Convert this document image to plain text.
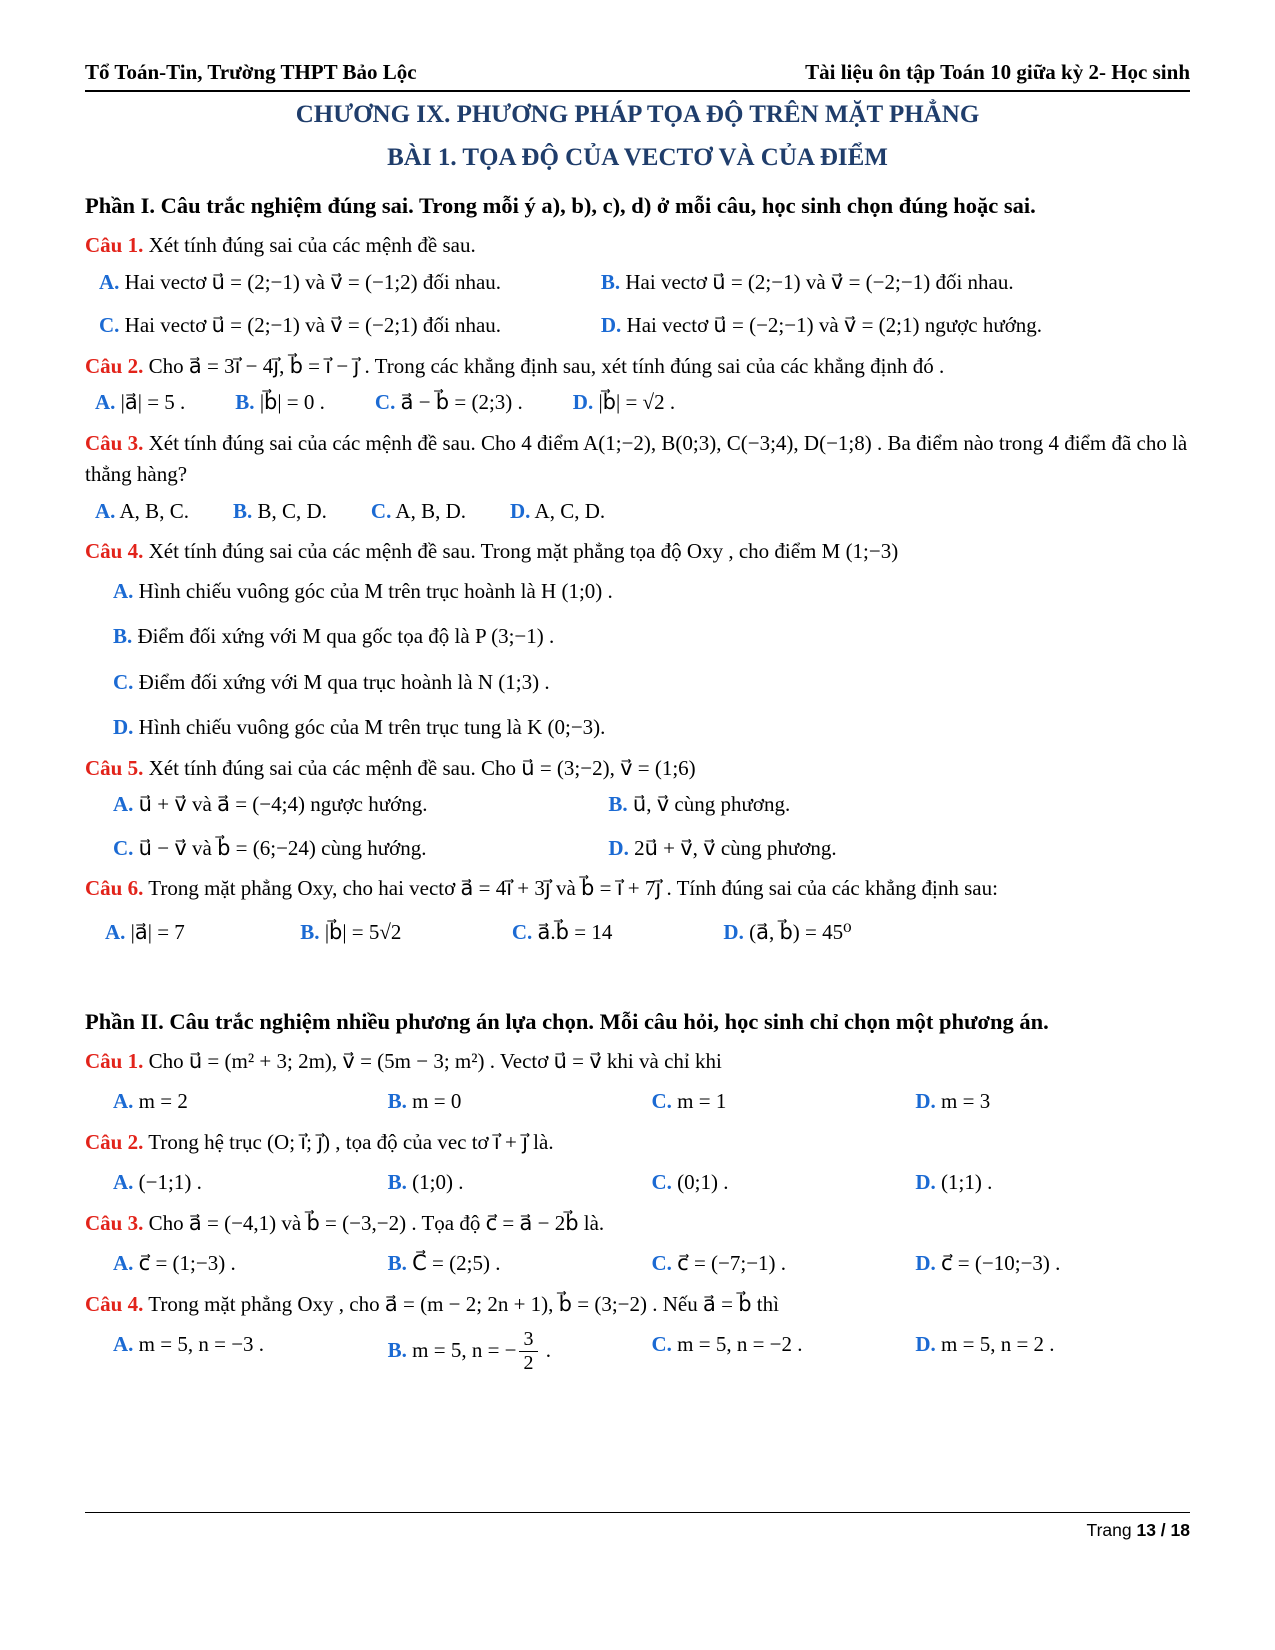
Tổ Toán-Tin, Trường THPT Bảo Lộc	Tài liệu ôn tập Toán 10 giữa kỳ 2- Học sinh
CHƯƠNG IX. PHƯƠNG PHÁP TỌA ĐỘ TRÊN MẶT PHẲNG
BÀI 1. TỌA ĐỘ CỦA VECTƠ VÀ CỦA ĐIỂM
Phần I. Câu trắc nghiệm đúng sai. Trong mỗi ý a), b), c), d) ở mỗi câu, học sinh chọn đúng hoặc sai.

Câu 1. Xét tính đúng sai của các mệnh đề sau.

A. Hai vectơ u⃗ = (2;−1) và v⃗ = (−1;2) đối nhau.	B. Hai vectơ u⃗ = (2;−1) và v⃗ = (−2;−1) đối nhau.
C. Hai vectơ u⃗ = (2;−1) và v⃗ = (−2;1) đối nhau.	D. Hai vectơ u⃗ = (−2;−1) và v⃗ = (2;1) ngược hướng.

Câu 2. Cho a⃗ = 3i⃗ − 4j⃗, b⃗ = i⃗ − j⃗ . Trong các khẳng định sau, xét tính đúng sai của các khẳng định đó .

A. |a⃗| = 5 . B. |b⃗| = 0 . C. a⃗ − b⃗ = (2;3) . D. |b⃗| = √2 .

Câu 3. Xét tính đúng sai của các mệnh đề sau. Cho 4 điểm A(1;−2), B(0;3), C(−3;4), D(−1;8) . Ba điểm nào trong 4 điểm đã cho là thẳng hàng?

A. A, B, C. B. B, C, D. C. A, B, D. D. A, C, D.

Câu 4. Xét tính đúng sai của các mệnh đề sau. Trong mặt phẳng tọa độ Oxy , cho điểm M (1;−3)

A. Hình chiếu vuông góc của M trên trục hoành là H (1;0) .
B. Điểm đối xứng với M qua gốc tọa độ là P (3;−1) .
C. Điểm đối xứng với M qua trục hoành là N (1;3) .
D. Hình chiếu vuông góc của M trên trục tung là K (0;−3).

Câu 5. Xét tính đúng sai của các mệnh đề sau. Cho u⃗ = (3;−2), v⃗ = (1;6)

A. u⃗ + v⃗ và a⃗ = (−4;4) ngược hướng.	B. u⃗, v⃗ cùng phương.
C. u⃗ − v⃗ và b⃗ = (6;−24) cùng hướng.	D. 2u⃗ + v⃗, v⃗ cùng phương.

Câu 6. Trong mặt phẳng Oxy, cho hai vectơ a⃗ = 4i⃗ + 3j⃗ và b⃗ = i⃗ + 7j⃗ . Tính đúng sai của các khẳng định sau:

A. |a⃗| = 7	B. |b⃗| = 5√2	C. a⃗.b⃗ = 14	D. (a⃗, b⃗) = 45⁰
Phần II. Câu trắc nghiệm nhiều phương án lựa chọn. Mỗi câu hỏi, học sinh chỉ chọn một phương án.

Câu 1. Cho u⃗ = (m² + 3; 2m), v⃗ = (5m − 3; m²) . Vectơ u⃗ = v⃗ khi và chỉ khi

A. m = 2	B. m = 0	C. m = 1	D. m = 3

Câu 2. Trong hệ trục (O; i⃗; j⃗) , tọa độ của vec tơ i⃗ + j⃗ là.

A. (−1;1) .	B. (1;0) .	C. (0;1) .	D. (1;1) .

Câu 3. Cho a⃗ = (−4,1) và b⃗ = (−3,−2) . Tọa độ c⃗ = a⃗ − 2b⃗ là.

A. c⃗ = (1;−3) .	B. C⃗ = (2;5) .	C. c⃗ = (−7;−1) .	D. c⃗ = (−10;−3) .

Câu 4. Trong mặt phẳng Oxy , cho a⃗ = (m − 2; 2n + 1), b⃗ = (3;−2) . Nếu a⃗ = b⃗ thì

A. m = 5, n = −3 .	B. m = 5, n = − $\frac{3}{2}$ .	C. m = 5, n = −2 .	D. m = 5, n = 2 .
Trang 13 / 18
